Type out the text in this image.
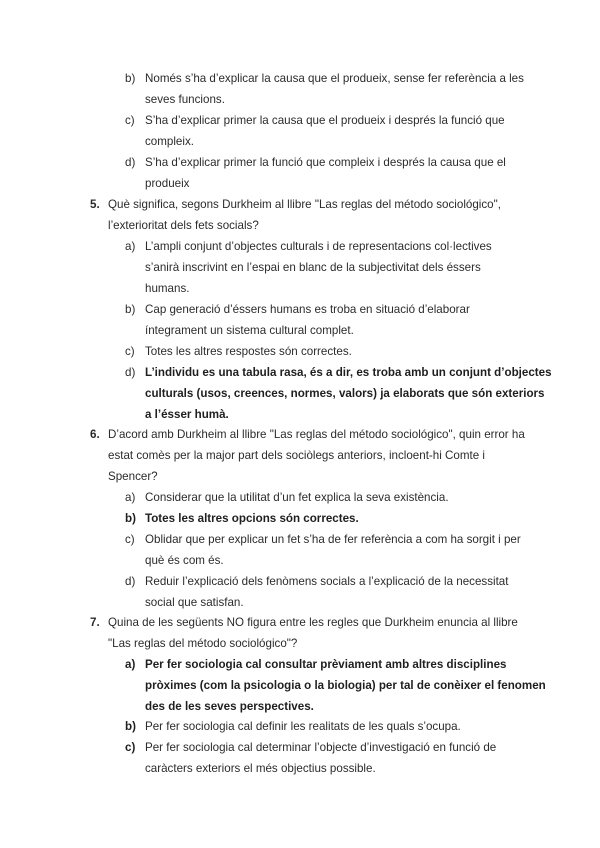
b) Només s’ha d’explicar la causa que el produeix, sense fer referència a les
seves funcions.
c) S’ha d’explicar primer la causa que el produeix i després la funció que
compleix.
d) S’ha d’explicar primer la funció que compleix i després la causa que el
produeix
5. Què significa, segons Durkheim al llibre "Las reglas del método sociológico",
l’exterioritat dels fets socials?
a) L’ampli conjunt d’objectes culturals i de representacions col·lectives
s’anirà inscrivint en l’espai en blanc de la subjectivitat dels éssers
humans.
b) Cap generació d’éssers humans es troba en situació d’elaborar
íntegrament un sistema cultural complet.
c) Totes les altres respostes són correctes.
d) L’individu es una tabula rasa, és a dir, es troba amb un conjunt d’objectes
culturals (usos, creences, normes, valors) ja elaborats que són exteriors
a l’ésser humà.
6. D’acord amb Durkheim al llibre "Las reglas del método sociológico", quin error ha
estat comès per la major part dels sociòlegs anteriors, incloent-hi Comte i
Spencer?
a) Considerar que la utilitat d’un fet explica la seva existència.
b) Totes les altres opcions són correctes.
c) Oblidar que per explicar un fet s’ha de fer referència a com ha sorgit i per
què és com és.
d) Reduir l’explicació dels fenòmens socials a l’explicació de la necessitat
social que satisfan.
7. Quina de les següents NO figura entre les regles que Durkheim enuncia al llibre
"Las reglas del método sociológico"?
a) Per fer sociologia cal consultar prèviament amb altres disciplines
pròximes (com la psicologia o la biologia) per tal de conèixer el fenomen
des de les seves perspectives.
b) Per fer sociologia cal definir les realitats de les quals s’ocupa.
c) Per fer sociologia cal determinar l’objecte d’investigació en funció de
caràcters exteriors el més objectius possible.
